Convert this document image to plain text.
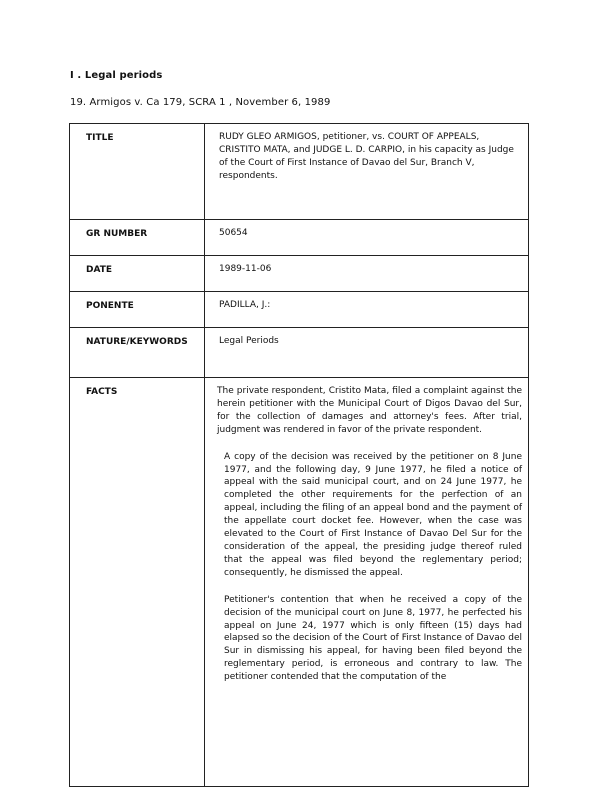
I . Legal periods
19. Armigos v. Ca 179, SCRA 1 , November 6, 1989
TITLE	RUDY GLEO ARMIGOS, petitioner, vs. COURT OF APPEALS, CRISTITO MATA, and JUDGE L. D. CARPIO, in his capacity as Judge of the Court of First Instance of Davao del Sur, Branch V, respondents.
GR NUMBER	50654
DATE	1989-11-06
PONENTE	PADILLA, J.:
NATURE/KEYWORDS	Legal Periods
FACTS	The private respondent, Cristito Mata, filed a complaint against the herein petitioner with the Municipal Court of Digos Davao del Sur, for the collection of damages and attorney's fees. After trial, judgment was rendered in favor of the private respondent.

A copy of the decision was received by the petitioner on 8 June 1977, and the following day, 9 June 1977, he filed a notice of appeal with the said municipal court, and on 24 June 1977, he completed the other requirements for the perfection of an appeal, including the filing of an appeal bond and the payment of the appellate court docket fee. However, when the case was elevated to the Court of First Instance of Davao Del Sur for the consideration of the appeal, the presiding judge thereof ruled that the appeal was filed beyond the reglementary period; consequently, he dismissed the appeal.

Petitioner's contention that when he received a copy of the decision of the municipal court on June 8, 1977, he perfected his appeal on June 24, 1977 which is only fifteen (15) days had elapsed so the decision of the Court of First Instance of Davao del Sur in dismissing his appeal, for having been filed beyond the reglementary period, is erroneous and contrary to law. The petitioner contended that the computation of the
